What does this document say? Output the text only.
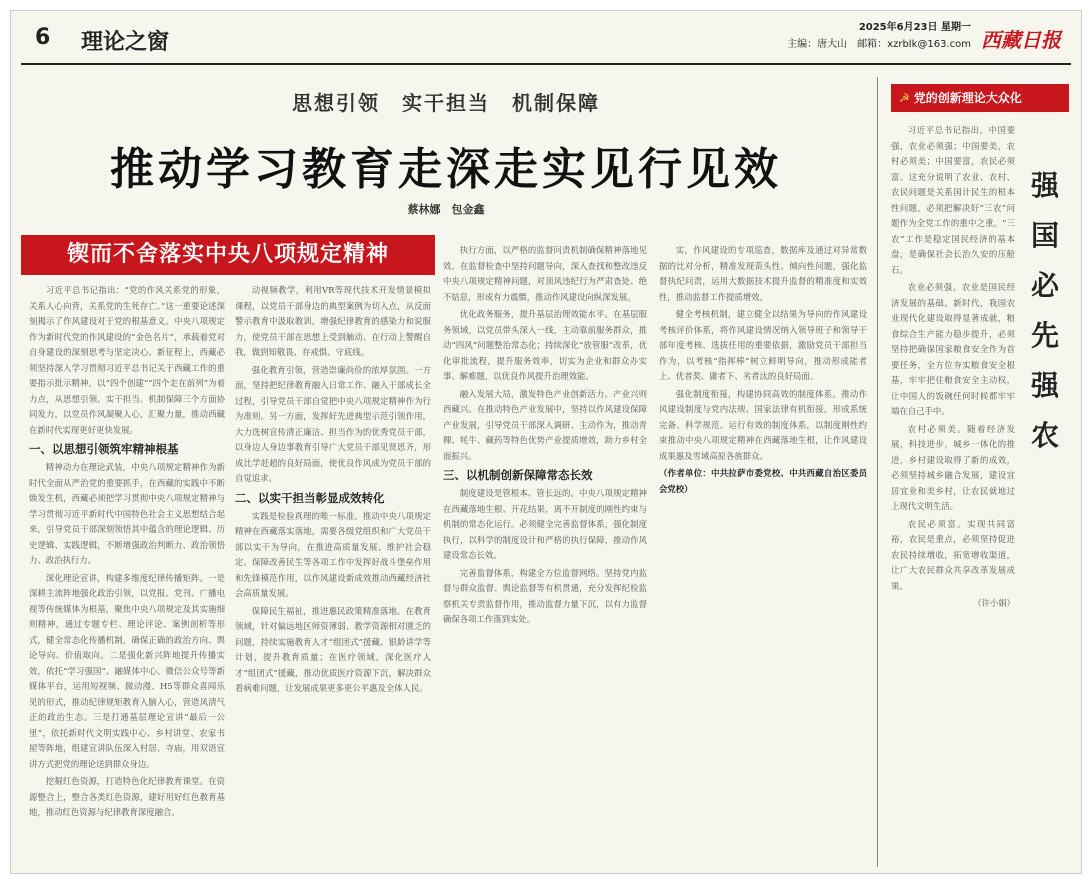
6 理论之窗
2025年6月23日 星期一
主编：唐大山　邮箱：xzrblk@163.com 西藏日报
思想引领　实干担当　机制保障
推动学习教育走深走实见行见效
蔡林娜　包金鑫
锲而不舍落实中央八项规定精神

习近平总书记指出：“党的作风关系党的形象，关系人心向背，关系党的生死存亡。”这一重要论述深刻揭示了作风建设对于党的根基意义。中央八项规定作为新时代党的作风建设的“金色名片”，承载着党对自身建设的深刻思考与坚定决心。新征程上，西藏必须坚持深入学习贯彻习近平总书记关于西藏工作的重要指示批示精神，以“四个创建”“四个走在前列”为着力点，从思想引领、实干担当、机制保障三个方面协同发力，以党员作风凝聚人心，汇聚力量，推动西藏在新时代实现更好更快发展。

一、以思想引领筑牢精神根基

精神动力在理论武装，中央八项规定精神作为新时代全面从严治党的重要抓手，在西藏的实践中不断焕发生机，西藏必须把学习贯彻中央八项规定精神与学习贯彻习近平新时代中国特色社会主义思想结合起来，引导党员干部深刻领悟其中蕴含的理论逻辑、历史逻辑、实践逻辑，不断增强政治判断力、政治领悟力、政治执行力。

深化理论宣讲，构建多维度纪律传播矩阵。一是深耕主流阵地强化政治引领，以党报、党刊、广播电视等传统媒体为根基，聚焦中央八项规定及其实施细则精神，通过专题专栏、理论评论、案例剖析等形式，健全常态化传播机制，确保正确的政治方向、舆论导向、价值取向。二是强化新兴阵地提升传播实效，依托“学习强国”、融媒体中心、微信公众号等新媒体平台，运用短视频、微动漫、H5等群众喜闻乐见的形式，推动纪律规矩教育入脑入心，营造风清气正的政治生态。三是打通基层理论宣讲“最后一公里”，依托新时代文明实践中心、乡村讲堂、农家书屋等阵地，组建宣讲队伍深入村居、寺庙，用双语宣讲方式把党的理论送到群众身边。

挖掘红色资源，打造特色化纪律教育课堂。在资源整合上，整合各类红色资源，建好用好红色教育基地，推动红色资源与纪律教育深度融合。

动视频教学，利用VR等现代技术开发情景模拟课程，以党员干部身边的典型案例为切入点，从反面警示教育中汲取教训，增强纪律教育的感染力和说服力，使党员干部在思想上受到触动、在行动上警醒自我，做到知敬畏、存戒惧、守底线。

强化教育引领，营造崇廉尚俭的浓厚氛围。一方面，坚持把纪律教育融入日常工作、融入干部成长全过程，引导党员干部自觉把中央八项规定精神作为行为准则。另一方面，发挥好先进典型示范引领作用，大力选树宣传清正廉洁、担当作为的优秀党员干部，以身边人身边事教育引导广大党员干部见贤思齐，形成比学赶超的良好局面，使优良作风成为党员干部的自觉追求。

二、以实干担当彰显成效转化

实践是检验真理的唯一标准。推动中央八项规定精神在西藏落实落地，需要各级党组织和广大党员干部以实干为导向，在推进高质量发展、维护社会稳定、保障改善民生等各项工作中发挥好战斗堡垒作用和先锋模范作用，以作风建设新成效推动西藏经济社会高质量发展。

保障民生福祉，推进惠民政策精准落地。在教育领域，针对偏远地区师资薄弱、教学资源相对匮乏的问题，持续实施教育人才“组团式”援藏、银龄讲学等计划，提升教育质量；在医疗领域，深化医疗人才“组团式”援藏，推动优质医疗资源下沉，解决群众看病难问题，让发展成果更多更公平惠及全体人民。

执行方面，以严格的监督问责机制确保精神落地见效。在监督检查中坚持问题导向，深入查找和整改违反中央八项规定精神问题，对顶风违纪行为严肃查处、绝不姑息，形成有力震慑，推动作风建设向纵深发展。

优化政务服务，提升基层治理效能水平。在基层服务领域，以党员带头深入一线，主动靠前服务群众，推动“四风”问题整治常态化；持续深化“放管服”改革，优化审批流程，提升服务效率，切实为企业和群众办实事、解难题，以优良作风提升治理效能。

融入发展大局，激发特色产业创新活力。产业兴则西藏兴。在推动特色产业发展中，坚持以作风建设保障产业发展，引导党员干部深入调研、主动作为，推动青稞、牦牛、藏药等特色优势产业提质增效，助力乡村全面振兴。

三、以机制创新保障常态长效

制度建设是管根本、管长远的。中央八项规定精神在西藏落地生根、开花结果，离不开制度的刚性约束与机制的常态化运行。必须健全完善监督体系，强化制度执行，以科学的制度设计和严格的执行保障，推动作风建设常态长效。

完善监督体系，构建全方位监督网络。坚持党内监督与群众监督、舆论监督等有机贯通，充分发挥纪检监察机关专责监督作用，推动监督力量下沉，以有力监督确保各项工作落到实处。

实，作风建设的专项巡查，数据库及通过对异常数据的比对分析，精准发现苗头性、倾向性问题，强化监督执纪问责，运用大数据技术提升监督的精准度和实效性，推动监督工作提质增效。

健全考核机制，建立健全以结果为导向的作风建设考核评价体系，将作风建设情况纳入领导班子和领导干部年度考核、选拔任用的重要依据，激励党员干部担当作为，以考核“指挥棒”树立鲜明导向，推动形成能者上、优者奖、庸者下、劣者汰的良好局面。

强化制度衔接，构建协同高效的制度体系。推动作风建设制度与党内法规、国家法律有机衔接，形成系统完备、科学规范、运行有效的制度体系，以制度刚性约束推动中央八项规定精神在西藏落地生根，让作风建设成果惠及雪域高原各族群众。

（作者单位：中共拉萨市委党校、中共西藏自治区委员会党校）

☭ 党的创新理论大众化

习近平总书记指出，中国要强，农业必须强；中国要美，农村必须美；中国要富，农民必须富。这充分说明了农业、农村、农民问题是关系国计民生的根本性问题，必须把解决好“三农”问题作为全党工作的重中之重。“三农”工作是稳定国民经济的基本盘，是确保社会长治久安的压舱石。

农业必须强。农业是国民经济发展的基础。新时代，我国农业现代化建设取得显著成就，粮食综合生产能力稳步提升，必须坚持把确保国家粮食安全作为首要任务，全方位夯实粮食安全根基，牢牢把住粮食安全主动权，让中国人的饭碗任何时候都牢牢端在自己手中。

农村必须美。随着经济发展，科技进步，城乡一体化的推进，乡村建设取得了新的成效，必须坚持城乡融合发展，建设宜居宜业和美乡村，让农民就地过上现代文明生活。

农民必须富。实现共同富裕，农民是重点，必须坚持促进农民持续增收，拓宽增收渠道，让广大农民群众共享改革发展成果。

（许小娟）

强
国
必
先
强
农
